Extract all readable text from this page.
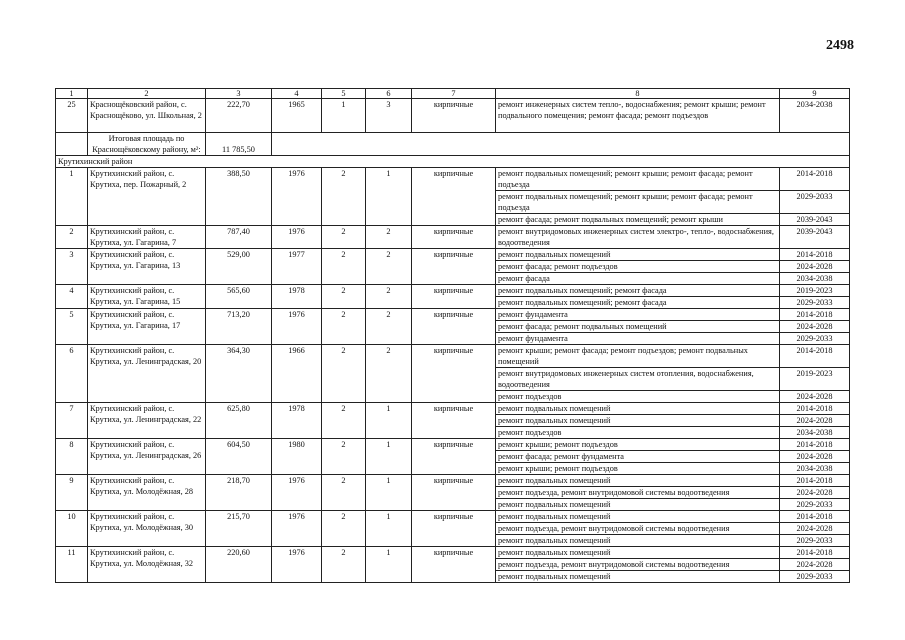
2498
1	2	3	4	5	6	7	8	9
25	Краснощёковский район, с. Краснощёково, ул. Школьная, 2	222,70	1965	1	3	кирпичные	ремонт инженерных систем тепло-, водоснабжения; ремонт крыши; ремонт подвального помещения; ремонт фасада; ремонт подъездов	2034-2038
	Итоговая площадь по Краснощёковскому району, м²:	11 785,50						
Крутихинский район								
1	Крутихинский район, с. Крутиха, пер. Пожарный, 2	388,50	1976	2	1	кирпичные	ремонт подвальных помещений; ремонт крыши; ремонт фасада; ремонт подъезда	2014-2018
							ремонт подвальных помещений; ремонт крыши; ремонт фасада; ремонт подъезда	2029-2033
							ремонт фасада; ремонт подвальных помещений; ремонт крыши	2039-2043
2	Крутихинский район, с. Крутиха, ул. Гагарина, 7	787,40	1976	2	2	кирпичные	ремонт внутридомовых инженерных систем электро-, тепло-, водоснабжения, водоотведения	2039-2043
3	Крутихинский район, с. Крутиха, ул. Гагарина, 13	529,00	1977	2	2	кирпичные	ремонт подвальных помещений	2014-2018
							ремонт фасада; ремонт подъездов	2024-2028
							ремонт фасада	2034-2038
4	Крутихинский район, с. Крутиха, ул. Гагарина, 15	565,60	1978	2	2	кирпичные	ремонт подвальных помещений; ремонт фасада	2019-2023
							ремонт подвальных помещений; ремонт фасада	2029-2033
5	Крутихинский район, с. Крутиха, ул. Гагарина, 17	713,20	1976	2	2	кирпичные	ремонт фундамента	2014-2018
							ремонт фасада; ремонт подвальных помещений	2024-2028
							ремонт фундамента	2029-2033
6	Крутихинский район, с. Крутиха, ул. Ленинградская, 20	364,30	1966	2	2	кирпичные	ремонт крыши; ремонт фасада; ремонт подъездов; ремонт подвальных помещений	2014-2018
							ремонт внутридомовых инженерных систем отопления, водоснабжения, водоотведения	2019-2023
							ремонт подъездов	2024-2028
7	Крутихинский район, с. Крутиха, ул. Ленинградская, 22	625,80	1978	2	1	кирпичные	ремонт подвальных помещений	2014-2018
							ремонт подвальных помещений	2024-2028
							ремонт подъездов	2034-2038
8	Крутихинский район, с. Крутиха, ул. Ленинградская, 26	604,50	1980	2	1	кирпичные	ремонт крыши; ремонт подъездов	2014-2018
							ремонт фасада; ремонт фундамента	2024-2028
							ремонт крыши; ремонт подъездов	2034-2038
9	Крутихинский район, с. Крутиха, ул. Молодёжная, 28	218,70	1976	2	1	кирпичные	ремонт подвальных помещений	2014-2018
							ремонт подъезда, ремонт внутридомовой системы водоотведения	2024-2028
							ремонт подвальных помещений	2029-2033
10	Крутихинский район, с. Крутиха, ул. Молодёжная, 30	215,70	1976	2	1	кирпичные	ремонт подвальных помещений	2014-2018
							ремонт подъезда, ремонт внутридомовой системы водоотведения	2024-2028
							ремонт подвальных помещений	2029-2033
11	Крутихинский район, с. Крутиха, ул. Молодёжная, 32	220,60	1976	2	1	кирпичные	ремонт подвальных помещений	2014-2018
							ремонт подъезда, ремонт внутридомовой системы водоотведения	2024-2028
							ремонт подвальных помещений	2029-2033
